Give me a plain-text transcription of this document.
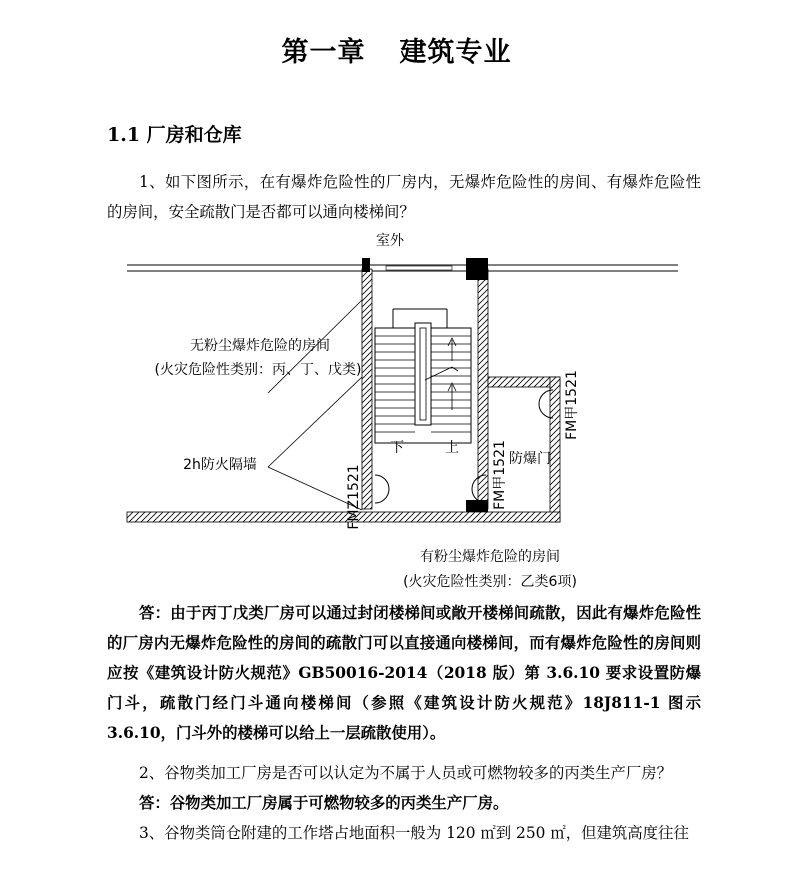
第一章 建筑专业
1.1 厂房和仓库

1、如下图所示，在有爆炸危险性的厂房内，无爆炸危险性的房间、有爆炸危险性的房间，安全疏散门是否都可以通向楼梯间？

室外
无粉尘爆炸危险的房间
(火灾危险性类别：丙、丁、戊类)
2h防火隔墙
下	上
防爆门
FMZ1521	FM甲1521
FM甲1521
有粉尘爆炸危险的房间
(火灾危险性类别：乙类6项)

答：由于丙丁戊类厂房可以通过封闭楼梯间或敞开楼梯间疏散，因此有爆炸危险性的厂房内无爆炸危险性的房间的疏散门可以直接通向楼梯间，而有爆炸危险性的房间则应按《建筑设计防火规范》GB50016-2014（2018 版）第 3.6.10 要求设置防爆门斗，疏散门经门斗通向楼梯间（参照《建筑设计防火规范》18J811-1 图示 3.6.10，门斗外的楼梯可以给上一层疏散使用）。

2、谷物类加工厂房是否可以认定为不属于人员或可燃物较多的丙类生产厂房？

答：谷物类加工厂房属于可燃物较多的丙类生产厂房。

3、谷物类筒仓附建的工作塔占地面积一般为 120 ㎡到 250 ㎡，但建筑高度往往
